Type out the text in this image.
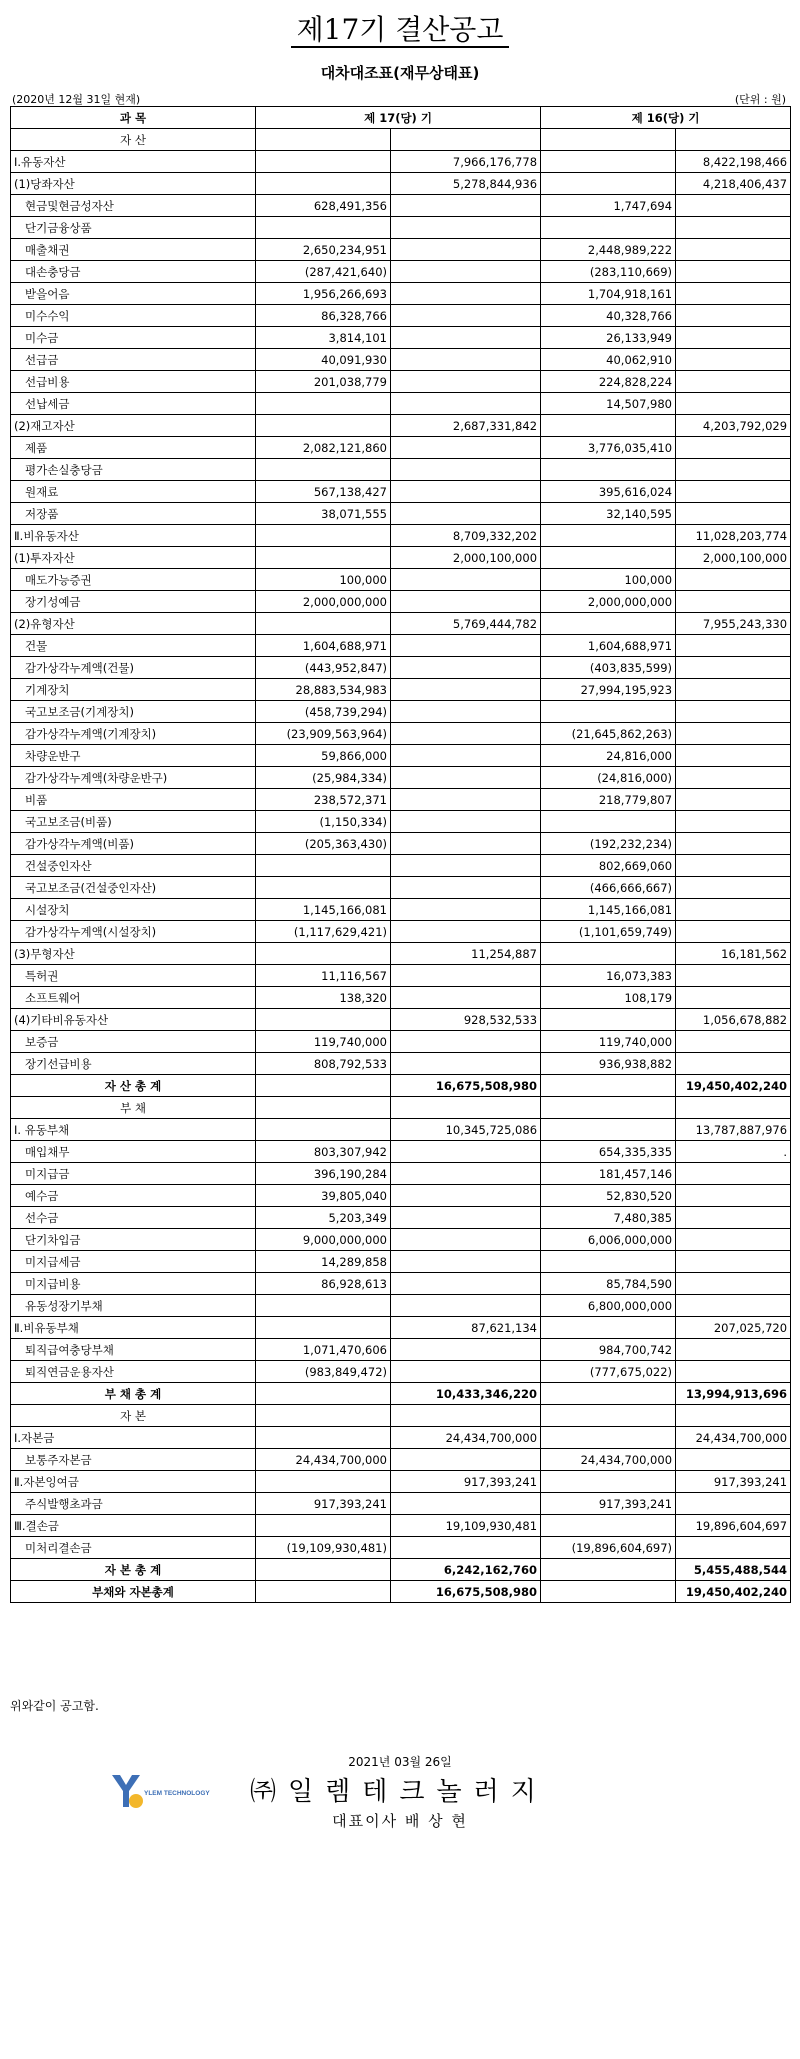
제17기 결산공고
대차대조표(재무상태표)
(2020년 12월 31일 현재)	(단위 : 원)
과 목	제 17(당) 기		제 16(당) 기	
자 산				
Ⅰ.유동자산		7,966,176,778		8,422,198,466
(1)당좌자산		5,278,844,936		4,218,406,437
현금및현금성자산	628,491,356		1,747,694	
단기금융상품				
매출채권	2,650,234,951		2,448,989,222	
대손충당금	(287,421,640)		(283,110,669)	
받을어음	1,956,266,693		1,704,918,161	
미수수익	86,328,766		40,328,766	
미수금	3,814,101		26,133,949	
선급금	40,091,930		40,062,910	
선급비용	201,038,779		224,828,224	
선납세금			14,507,980	
(2)재고자산		2,687,331,842		4,203,792,029
제품	2,082,121,860		3,776,035,410	
평가손실충당금				
원재료	567,138,427		395,616,024	
저장품	38,071,555		32,140,595	
Ⅱ.비유동자산		8,709,332,202		11,028,203,774
(1)투자자산		2,000,100,000		2,000,100,000
매도가능증권	100,000		100,000	
장기성예금	2,000,000,000		2,000,000,000	
(2)유형자산		5,769,444,782		7,955,243,330
건물	1,604,688,971		1,604,688,971	
감가상각누계액(건물)	(443,952,847)		(403,835,599)	
기계장치	28,883,534,983		27,994,195,923	
국고보조금(기계장치)	(458,739,294)			
감가상각누계액(기계장치)	(23,909,563,964)		(21,645,862,263)	
차량운반구	59,866,000		24,816,000	
감가상각누계액(차량운반구)	(25,984,334)		(24,816,000)	
비품	238,572,371		218,779,807	
국고보조금(비품)	(1,150,334)			
감가상각누계액(비품)	(205,363,430)		(192,232,234)	
건설중인자산			802,669,060	
국고보조금(건설중인자산)			(466,666,667)	
시설장치	1,145,166,081		1,145,166,081	
감가상각누계액(시설장치)	(1,117,629,421)		(1,101,659,749)	
(3)무형자산		11,254,887		16,181,562
특허권	11,116,567		16,073,383	
소프트웨어	138,320		108,179	
(4)기타비유동자산		928,532,533		1,056,678,882
보증금	119,740,000		119,740,000	
장기선급비용	808,792,533		936,938,882	
자 산 총 계		16,675,508,980		19,450,402,240
부 채				
Ⅰ. 유동부채		10,345,725,086		13,787,887,976
매입채무	803,307,942		654,335,335	.
미지급금	396,190,284		181,457,146	
예수금	39,805,040		52,830,520	
선수금	5,203,349		7,480,385	
단기차입금	9,000,000,000		6,006,000,000	
미지급세금	14,289,858			
미지급비용	86,928,613		85,784,590	
유동성장기부채			6,800,000,000	
Ⅱ.비유동부채		87,621,134		207,025,720
퇴직급여충당부채	1,071,470,606		984,700,742	
퇴직연금운용자산	(983,849,472)		(777,675,022)	
부 채 총 계		10,433,346,220		13,994,913,696
자 본				
Ⅰ.자본금		24,434,700,000		24,434,700,000
보통주자본금	24,434,700,000		24,434,700,000	
Ⅱ.자본잉여금		917,393,241		917,393,241
주식발행초과금	917,393,241		917,393,241	
Ⅲ.결손금		19,109,930,481		19,896,604,697
미처리결손금	(19,109,930,481)		(19,896,604,697)	
자 본 총 계		6,242,162,760		5,455,488,544
부채와 자본총계		16,675,508,980		19,450,402,240
위와같이 공고함.
2021년 03월 26일
YLEM TECHNOLOGY ㈜일렘테크놀러지
대표이사 배 상 현
